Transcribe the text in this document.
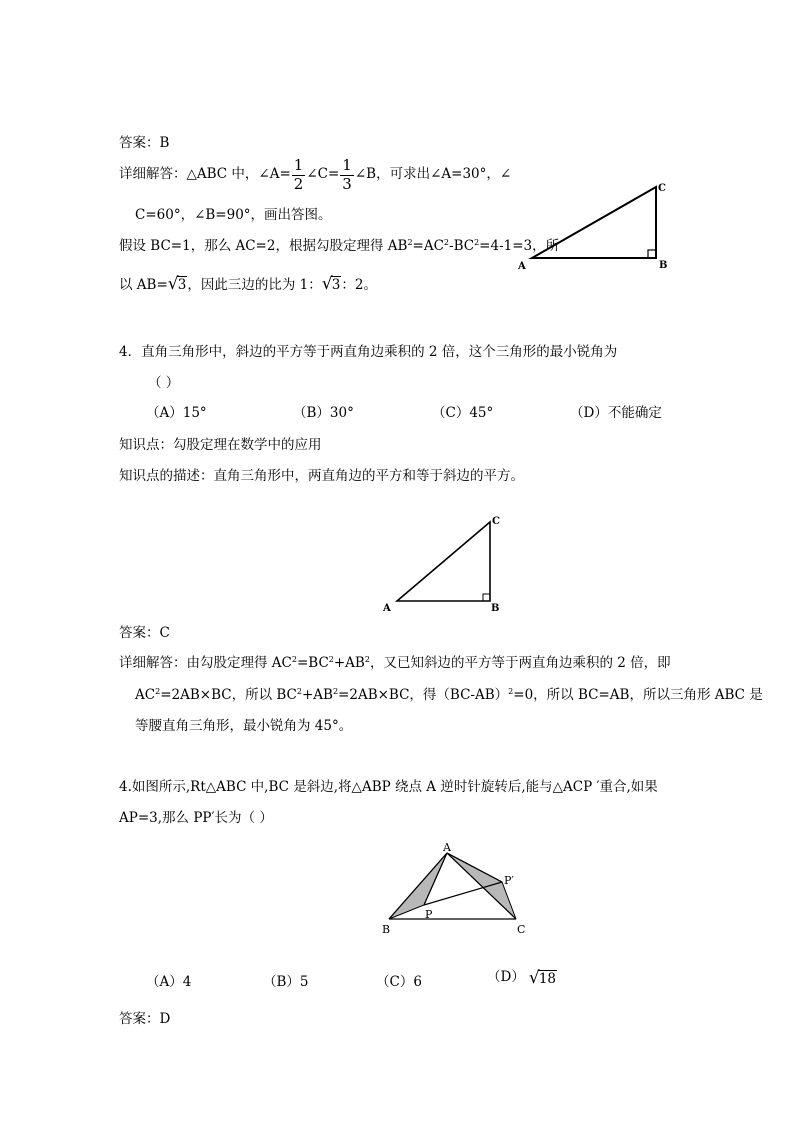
答案：B
详细解答：△ABC 中，∠A= $\frac{1}{2}$ ∠C= $\frac{1}{3}$ ∠B，可求出∠A=30°，∠
C=60°，∠B=90°，画出答图。
假设 BC=1，那么 AC=2，根据勾股定理得 $AB^2=AC^2-BC^2=4-1=3$，所
以 AB= √ 3 ，因此三边的比为 1： √ 3 ：2。
A	B
C
4．直角三角形中，斜边的平方等于两直角边乘积的 2 倍，这个三角形的最小锐角为
（ ）
（A）15°	（B）30°	（C）45°	（D）不能确定
知识点：勾股定理在数学中的应用
知识点的描述：直角三角形中，两直角边的平方和等于斜边的平方。
A	B
C
答案：C
详细解答：由勾股定理得 $AC^2=BC^2+AB^2$，又已知斜边的平方等于两直角边乘积的 2 倍，即
$AC^2=2AB\times BC$，所以 $BC^2+AB^2=2AB\times BC$，得$(BC-AB)^2=0$，所以 BC=AB，所以三角形 ABC 是
等腰直角三角形，最小锐角为 45°。
4.如图所示,Rt△ABC 中,BC 是斜边,将△ABP 绕点 A 逆时针旋转后,能与△ACP ′重合,如果
AP=3,那么 PP′长为（ ）
A
B	C
P
P′
（A）4	（B）5	（C）6	（D） √ 18
答案：D
